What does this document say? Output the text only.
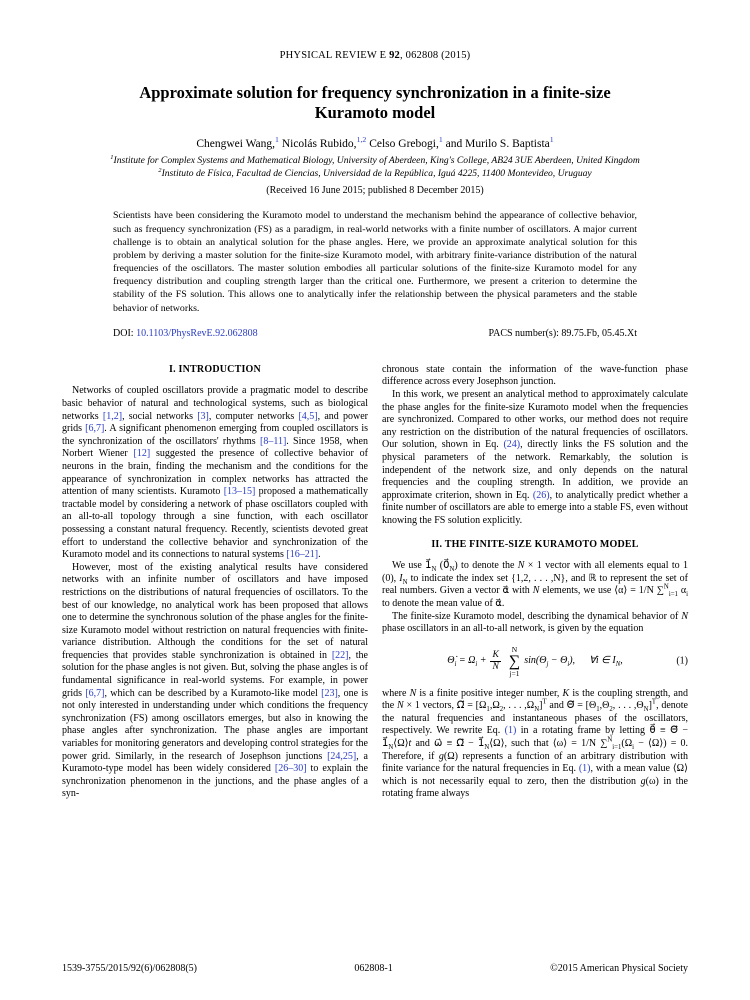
PHYSICAL REVIEW E 92, 062808 (2015)
Approximate solution for frequency synchronization in a finite-size Kuramoto model
Chengwei Wang,$^1$ Nicolás Rubido,$^{1,2}$ Celso Grebogi,$^1$ and Murilo S. Baptista$^1$
$^1$Institute for Complex Systems and Mathematical Biology, University of Aberdeen, King's College, AB24 3UE Aberdeen, United Kingdom
$^2$Instituto de Física, Facultad de Ciencias, Universidad de la República, Iguá 4225, 11400 Montevideo, Uruguay
(Received 16 June 2015; published 8 December 2015)
Scientists have been considering the Kuramoto model to understand the mechanism behind the appearance of collective behavior, such as frequency synchronization (FS) as a paradigm, in real-world networks with a finite number of oscillators. A major current challenge is to obtain an analytical solution for the phase angles. Here, we provide an approximate analytical solution for this problem by deriving a master solution for the finite-size Kuramoto model, with arbitrary finite-variance distribution of the natural frequencies of the oscillators. The master solution embodies all particular solutions of the finite-size Kuramoto model for any frequency distribution and coupling strength larger than the critical one. Furthermore, we present a criterion to determine the stability of the FS solution. This allows one to analytically infer the relationship between the physical parameters and the stable behavior of networks.
DOI: 10.1103/PhysRevE.92.062808	PACS number(s): 89.75.Fb, 05.45.Xt
I. INTRODUCTION

Networks of coupled oscillators provide a pragmatic model to describe basic behavior of natural and technological systems, such as biological networks [1,2], social networks [3], computer networks [4,5], and power grids [6,7]. A significant phenomenon emerging from coupled oscillators is the synchronization of the oscillators' rhythms [8–11]. Since 1958, when Norbert Wiener [12] suggested the presence of collective behavior of neurons in the brain, finding the mechanism and the conditions for the appearance of synchronization in complex networks has attracted the attention of many scientists. Kuramoto [13–15] proposed a mathematically tractable model by considering a network of phase oscillators coupled with an all-to-all topology through a sine function, with each oscillator possessing a constant natural frequency. Recently, scientists devoted great effort to understand the collective behavior and synchronization of the Kuramoto model and its connections to natural systems [16–21].

However, most of the existing analytical results have considered networks with an infinite number of oscillators and have imposed restrictions on the distributions of natural frequencies of oscillators. To the best of our knowledge, no analytical work has been proposed that allows one to determine the synchronous solution of the phase angles for the finite-size Kuramoto model without restriction on natural frequencies with finite-variance distribution. Although the conditions for the set of natural frequencies that provides stable synchronization is obtained in [22], the solution for the phase angles is not given. But, solving the phase angles is of fundamental significance in real-world systems. For example, in power grids [6,7], which can be described by a Kuramoto-like model [23], one is not only interested in understanding under which conditions the frequency synchronization (FS) among oscillators emerges, but also in knowing the phase angles after synchronization. The phase angles are important variables for monitoring generators and developing control strategies for the power grid. Similarly, in the research of Josephson junctions [24,25], a Kuramoto-type model has been widely considered [26–30] to explain the synchronization phenomenon in the junctions, and the phase angles of a syn-

chronous state contain the information of the wave-function phase difference across every Josephson junction.

In this work, we present an analytical method to approximately calculate the phase angles for the finite-size Kuramoto model when the frequencies are synchronized. Compared to other works, our method does not require any restriction on the distribution of the natural frequencies of oscillators. Our solution, shown in Eq. (24), directly links the FS solution and the physical parameters of the network. Remarkably, the solution is independent of the network size, and only depends on the natural frequencies and the coupling strength. In addition, we provide an approximate criterion, shown in Eq. (26), to analytically predict whether a finite number of oscillators are able to emerge into a stable FS, even without knowing the FS solution explicitly.

II. THE FINITE-SIZE KURAMOTO MODEL

We use $1⃗_N$ $(0⃗_N)$ to denote the N × 1 vector with all elements equal to 1 (0), $I_N$ to indicate the index set {1,2, . . . ,N}, and ℝ to represent the set of real numbers. Given a vector α⃗ with N elements, we use ⟨α⟩ = 1/N ∑$^N_{i=1}$ $\alpha_i$ to denote the mean value of α⃗.

The finite-size Kuramoto model, describing the dynamical behavior of N phase oscillators in an all-to-all network, is given by the equation

$\Thetȧ_i = \Omega_i + \frac{K}{N}$
N
∑
j=1
$\sin(\Theta_j - \Theta_i)$, ∀i ∈ $I_N$,	(1)

where N is a finite positive integer number, K is the coupling strength, and the N × 1 vectors, Ω⃗ = [$\Omega_1,\Omega_2$, . . . $,\Omega_N]^T$ and Θ⃗ = [$\Theta_1,\Theta_2$, . . . $,\Theta_N]^T$, denote the natural frequencies and instantaneous phases of the oscillators, respectively. We rewrite Eq. (1) in a rotating frame by letting θ⃗ ≡ Θ⃗ − $1⃗_N⟨\Omega⟩t$ and ω⃗ ≡ Ω⃗ − $1⃗_N⟨\Omega⟩$, such that ⟨ω⟩ = 1/N $\sum^N_{i=1}(\Omega_i$ − ⟨Ω⟩) = 0. Therefore, if g(Ω) represents a function of an arbitrary distribution with finite variance for the natural frequencies in Eq. (1), with a mean value ⟨Ω⟩ which is not necessarily equal to zero, then the distribution g(ω) in the rotating frame always

1539-3755/2015/92(6)/062808(5)	062808-1	©2015 American Physical Society
